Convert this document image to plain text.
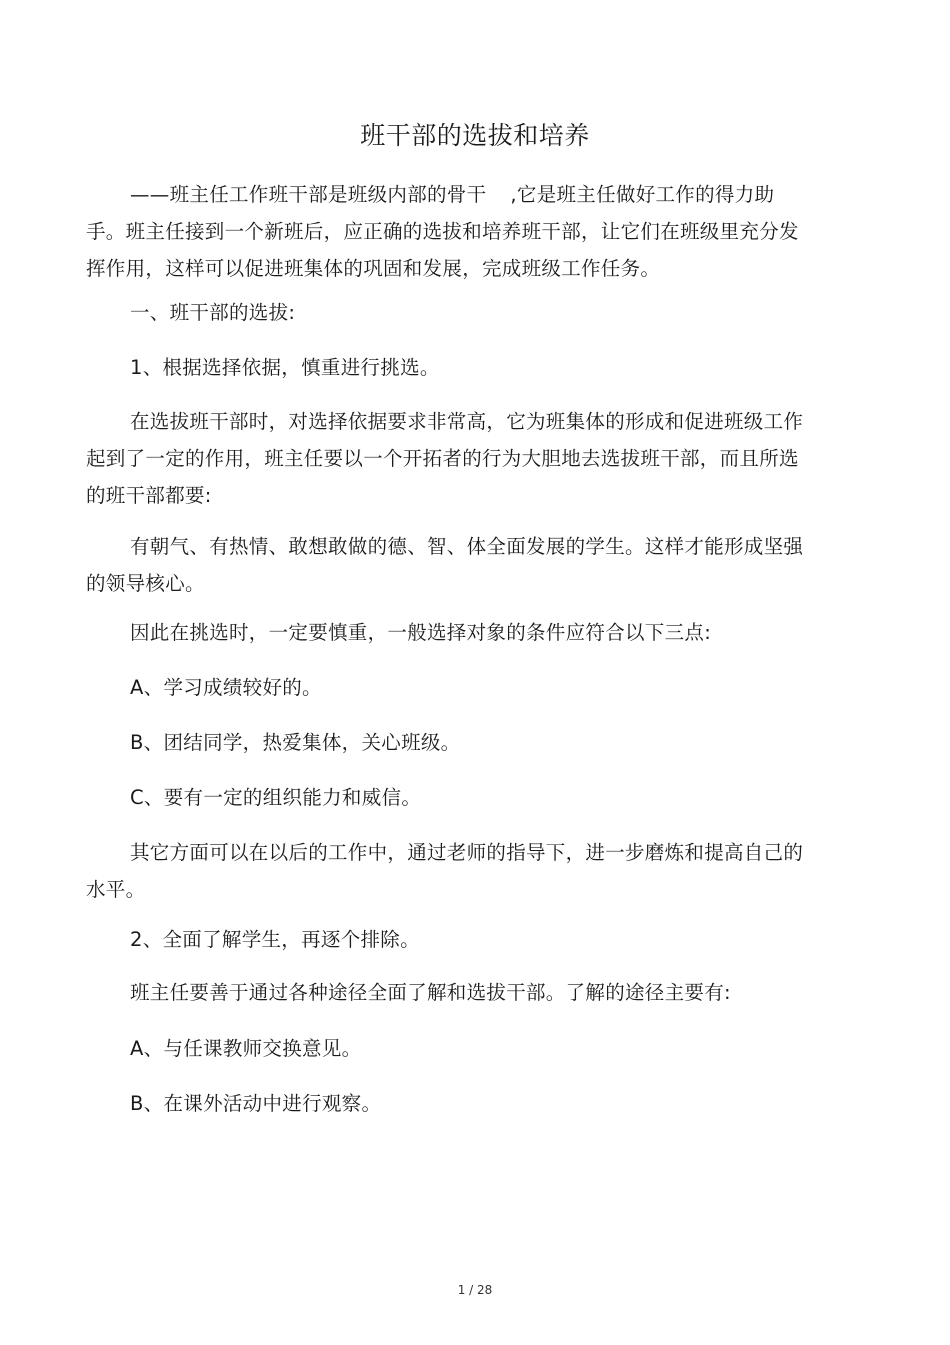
班干部的选拔和培养
——班主任工作班干部是班级内部的骨干 ,它是班主任做好工作的得力助手。班主任接到一个新班后，应正确的选拔和培养班干部，让它们在班级里充分发挥作用，这样可以促进班集体的巩固和发展，完成班级工作任务。
一、班干部的选拔:
1、根据选择依据，慎重进行挑选。
在选拔班干部时，对选择依据要求非常高，它为班集体的形成和促进班级工作起到了一定的作用，班主任要以一个开拓者的行为大胆地去选拔班干部，而且所选的班干部都要:
有朝气、有热情、敢想敢做的德、智、体全面发展的学生。这样才能形成坚强的领导核心。
因此在挑选时，一定要慎重，一般选择对象的条件应符合以下三点:
A、学习成绩较好的。
B、团结同学，热爱集体，关心班级。
C、要有一定的组织能力和威信。
其它方面可以在以后的工作中，通过老师的指导下，进一步磨炼和提高自己的水平。
2、全面了解学生，再逐个排除。
班主任要善于通过各种途径全面了解和选拔干部。了解的途径主要有:
A、与任课教师交换意见。
B、在课外活动中进行观察。
1 / 28
